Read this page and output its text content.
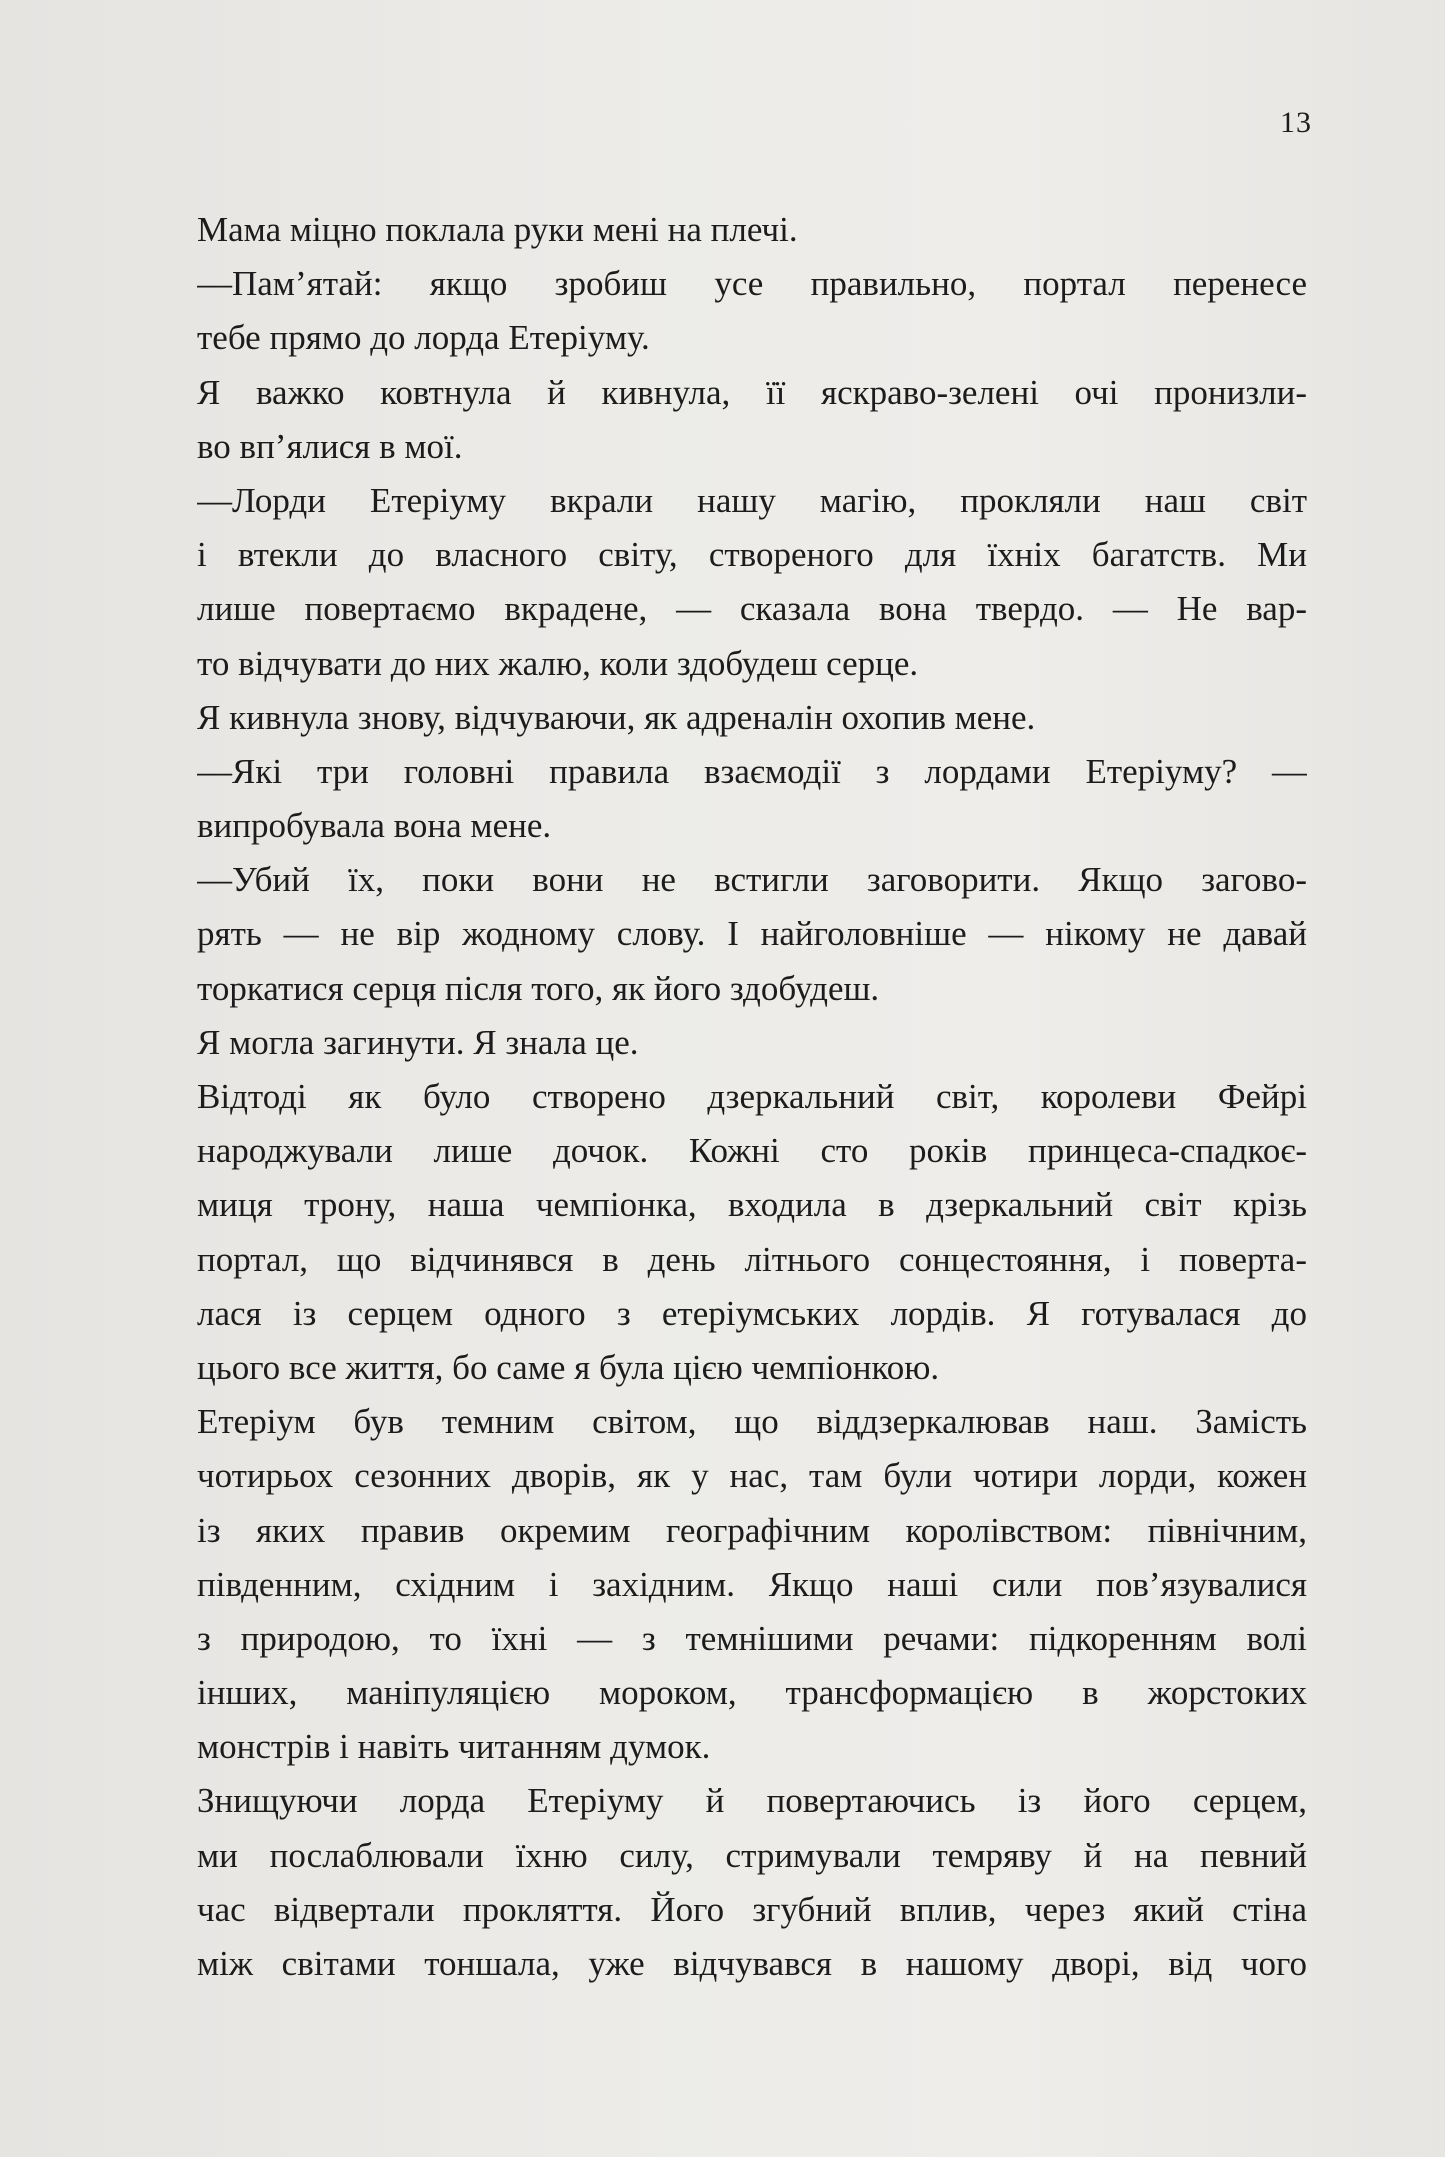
13
Мама міцно поклала руки мені на плечі.
—Пам’ятай: якщо зробиш усе правильно, портал перенесе
тебе прямо до лорда Етеріуму.
Я важко ковтнула й кивнула, її яскраво-зелені очі пронизли-
во вп’ялися в мої.
—Лорди Етеріуму вкрали нашу магію, прокляли наш світ
і втекли до власного світу, створеного для їхніх багатств. Ми
лише повертаємо вкрадене, — сказала вона твердо. — Не вар-
то відчувати до них жалю, коли здобудеш серце.
Я кивнула знову, відчуваючи, як адреналін охопив мене.
—Які три головні правила взаємодії з лордами Етеріуму? —
випробувала вона мене.
—Убий їх, поки вони не встигли заговорити. Якщо загово-
рять — не вір жодному слову. І найголовніше — нікому не давай
торкатися серця після того, як його здобудеш.
Я могла загинути. Я знала це.
Відтоді як було створено дзеркальний світ, королеви Фейрі
народжували лише дочок. Кожні сто років принцеса-спадкоє-
миця трону, наша чемпіонка, входила в дзеркальний світ крізь
портал, що відчинявся в день літнього сонцестояння, і поверта-
лася із серцем одного з етеріумських лордів. Я готувалася до
цього все життя, бо саме я була цією чемпіонкою.
Етеріум був темним світом, що віддзеркалював наш. Замість
чотирьох сезонних дворів, як у нас, там були чотири лорди, кожен
із яких правив окремим географічним королівством: північним,
південним, східним і західним. Якщо наші сили пов’язувалися
з природою, то їхні — з темнішими речами: підкоренням волі
інших, маніпуляцією мороком, трансформацією в жорстоких
монстрів і навіть читанням думок.
Знищуючи лорда Етеріуму й повертаючись із його серцем,
ми послаблювали їхню силу, стримували темряву й на певний
час відвертали прокляття. Його згубний вплив, через який стіна
між світами тоншала, уже відчувався в нашому дворі, від чого
